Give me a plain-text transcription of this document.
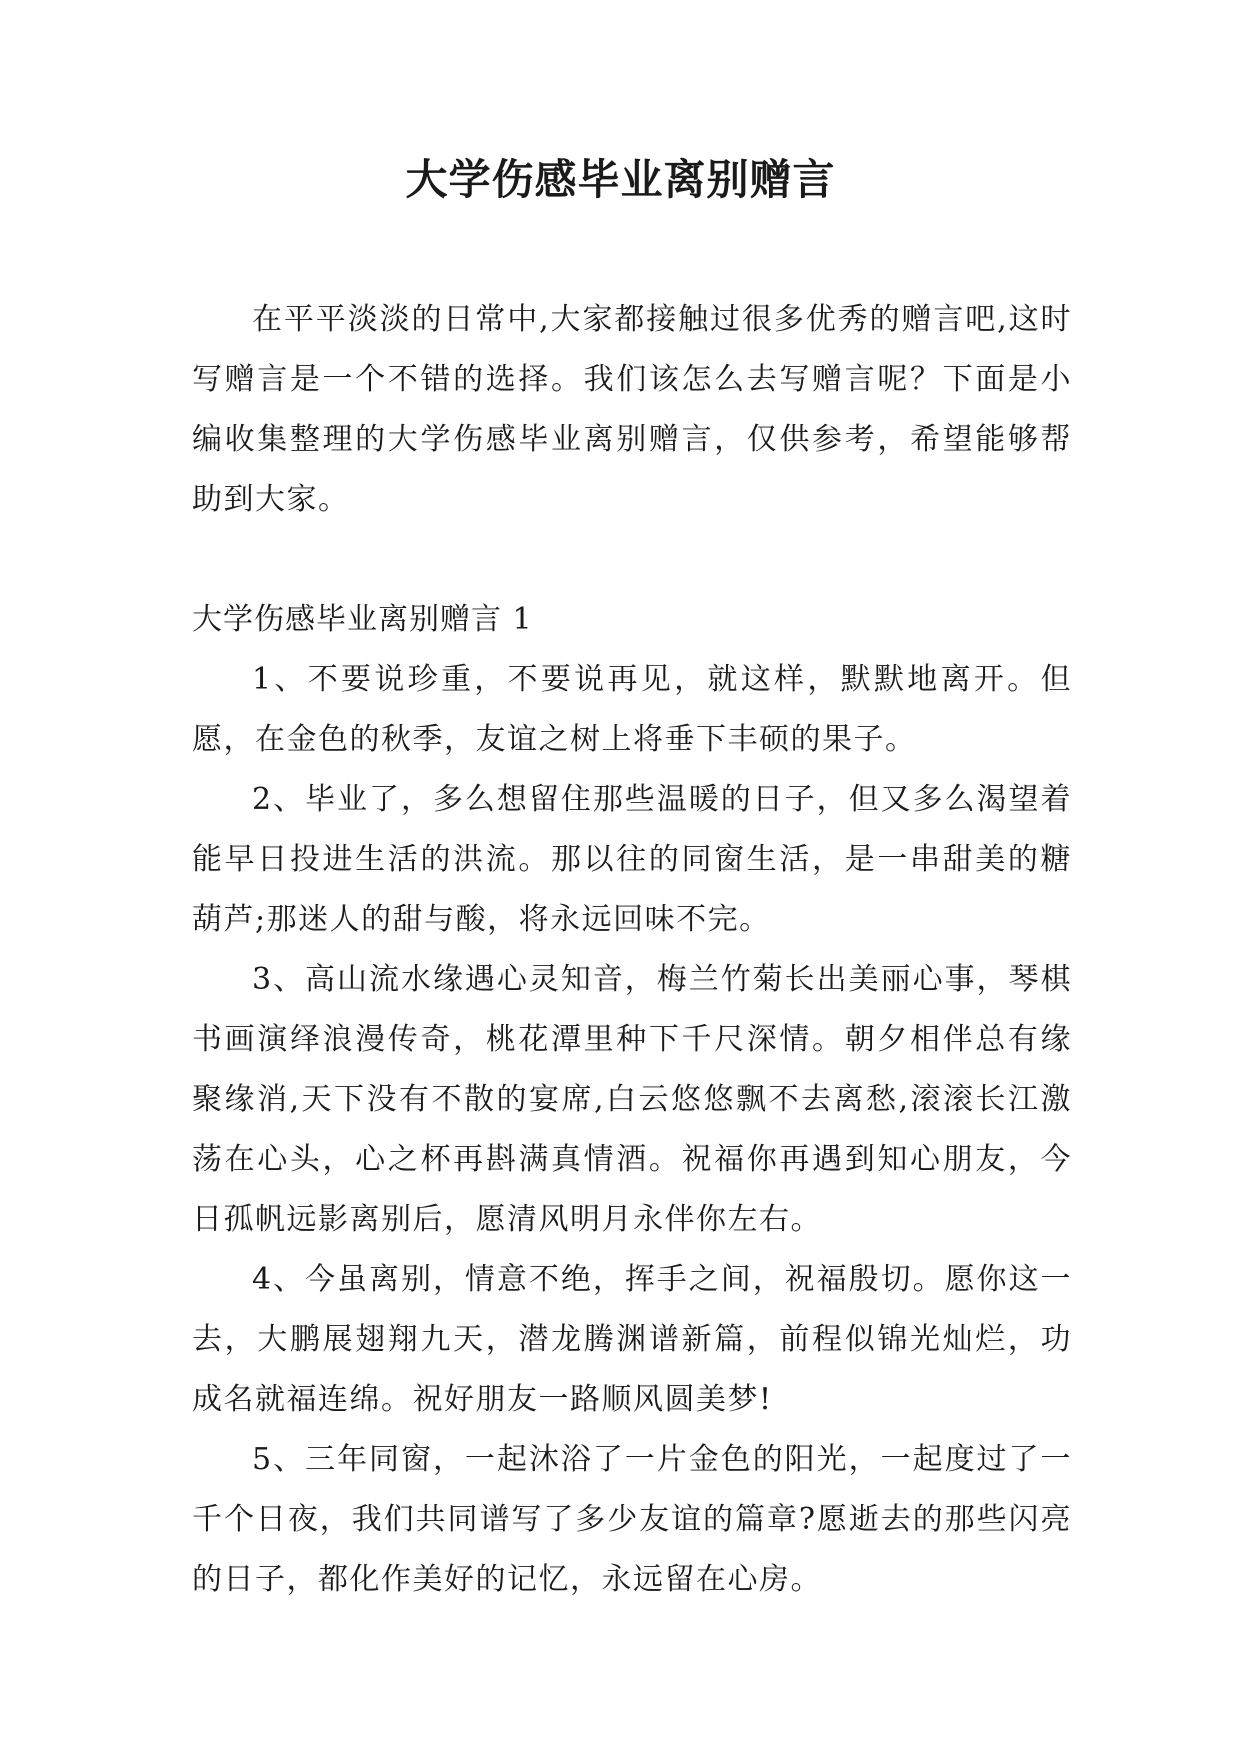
大学伤感毕业离别赠言

在平平淡淡的日常中,大家都接触过很多优秀的赠言吧,这时写赠言是一个不错的选择。我们该怎么去写赠言呢？下面是小编收集整理的大学伤感毕业离别赠言，仅供参考，希望能够帮助到大家。

大学伤感毕业离别赠言 1

1、不要说珍重，不要说再见，就这样，默默地离开。但愿，在金色的秋季，友谊之树上将垂下丰硕的果子。

2、毕业了，多么想留住那些温暖的日子，但又多么渴望着能早日投进生活的洪流。那以往的同窗生活，是一串甜美的糖葫芦;那迷人的甜与酸，将永远回味不完。

3、高山流水缘遇心灵知音，梅兰竹菊长出美丽心事，琴棋书画演绎浪漫传奇，桃花潭里种下千尺深情。朝夕相伴总有缘聚缘消,天下没有不散的宴席,白云悠悠飘不去离愁,滚滚长江激荡在心头，心之杯再斟满真情酒。祝福你再遇到知心朋友，今日孤帆远影离别后，愿清风明月永伴你左右。

4、今虽离别，情意不绝，挥手之间，祝福殷切。愿你这一去，大鹏展翅翔九天，潜龙腾渊谱新篇，前程似锦光灿烂，功成名就福连绵。祝好朋友一路顺风圆美梦!

5、三年同窗，一起沐浴了一片金色的阳光，一起度过了一千个日夜，我们共同谱写了多少友谊的篇章?愿逝去的那些闪亮的日子，都化作美好的记忆，永远留在心房。
